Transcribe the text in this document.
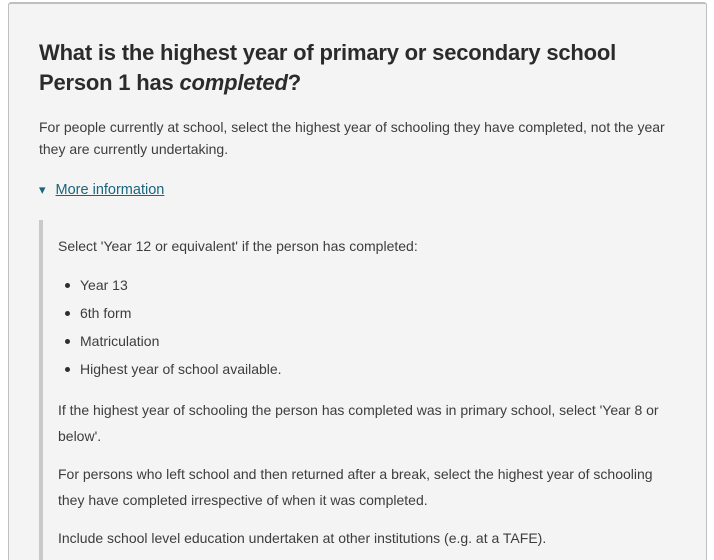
What is the highest year of primary or secondary school Person 1 has completed?

For people currently at school, select the highest year of schooling they have completed, not the year they are currently undertaking.

▾ More information

Select 'Year 12 or equivalent' if the person has completed:

Year 13
6th form
Matriculation
Highest year of school available.

If the highest year of schooling the person has completed was in primary school, select 'Year 8 or below'.

For persons who left school and then returned after a break, select the highest year of schooling they have completed irrespective of when it was completed.

Include school level education undertaken at other institutions (e.g. at a TAFE).
